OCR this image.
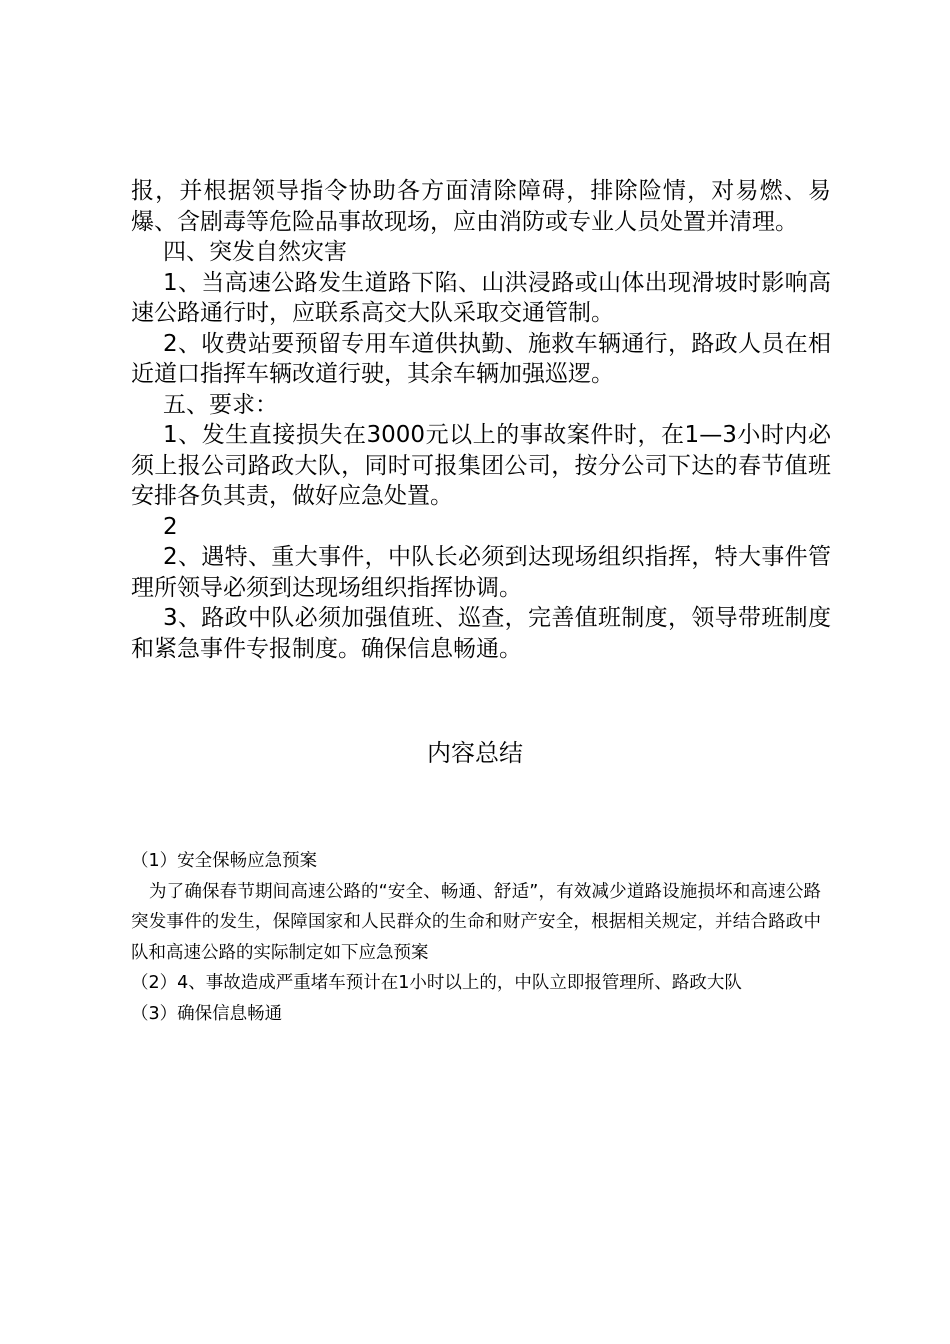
报，并根据领导指令协助各方面清除障碍，排除险情，对易燃、易爆、含剧毒等危险品事故现场，应由消防或专业人员处置并清理。

四、突发自然灾害

1、当高速公路发生道路下陷、山洪浸路或山体出现滑坡时影响高速公路通行时，应联系高交大队采取交通管制。

2、收费站要预留专用车道供执勤、施救车辆通行，路政人员在相近道口指挥车辆改道行驶，其余车辆加强巡逻。

五、要求：

1、发生直接损失在3000元以上的事故案件时，在1—3小时内必须上报公司路政大队，同时可报集团公司，按分公司下达的春节值班安排各负其责，做好应急处置。

2

2、遇特、重大事件，中队长必须到达现场组织指挥，特大事件管理所领导必须到达现场组织指挥协调。

3、路政中队必须加强值班、巡查，完善值班制度，领导带班制度和紧急事件专报制度。确保信息畅通。

内容总结

（1）安全保畅应急预案

为了确保春节期间高速公路的“安全、畅通、舒适”，有效减少道路设施损坏和高速公路突发事件的发生，保障国家和人民群众的生命和财产安全，根据相关规定，并结合路政中队和高速公路的实际制定如下应急预案

（2）4、事故造成严重堵车预计在1小时以上的，中队立即报管理所、路政大队

（3）确保信息畅通
